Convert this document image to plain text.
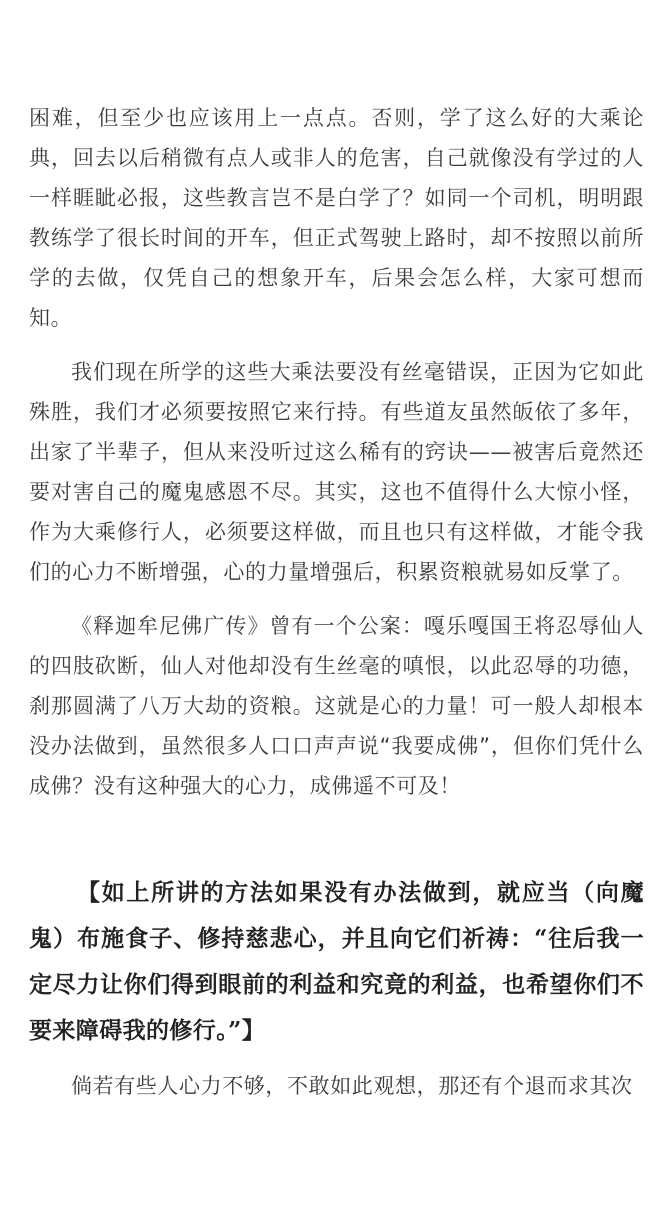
困难，但至少也应该用上一点点。否则，学了这么好的大乘论典，回去以后稍微有点人或非人的危害，自己就像没有学过的人一样睚眦必报，这些教言岂不是白学了？如同一个司机，明明跟教练学了很长时间的开车，但正式驾驶上路时，却不按照以前所学的去做，仅凭自己的想象开车，后果会怎么样，大家可想而知。

我们现在所学的这些大乘法要没有丝毫错误，正因为它如此殊胜，我们才必须要按照它来行持。有些道友虽然皈依了多年，出家了半辈子，但从来没听过这么稀有的窍诀——被害后竟然还要对害自己的魔鬼感恩不尽。其实，这也不值得什么大惊小怪，作为大乘修行人，必须要这样做，而且也只有这样做，才能令我们的心力不断增强，心的力量增强后，积累资粮就易如反掌了。

《释迦牟尼佛广传》曾有一个公案：嘎乐嘎国王将忍辱仙人的四肢砍断，仙人对他却没有生丝毫的嗔恨，以此忍辱的功德，刹那圆满了八万大劫的资粮。这就是心的力量！可一般人却根本没办法做到，虽然很多人口口声声说“我要成佛”，但你们凭什么成佛？没有这种强大的心力，成佛遥不可及！

【如上所讲的方法如果没有办法做到，就应当（向魔鬼）布施食子、修持慈悲心，并且向它们祈祷：“往后我一定尽力让你们得到眼前的利益和究竟的利益，也希望你们不要来障碍我的修行。”】

倘若有些人心力不够，不敢如此观想，那还有个退而求其次
